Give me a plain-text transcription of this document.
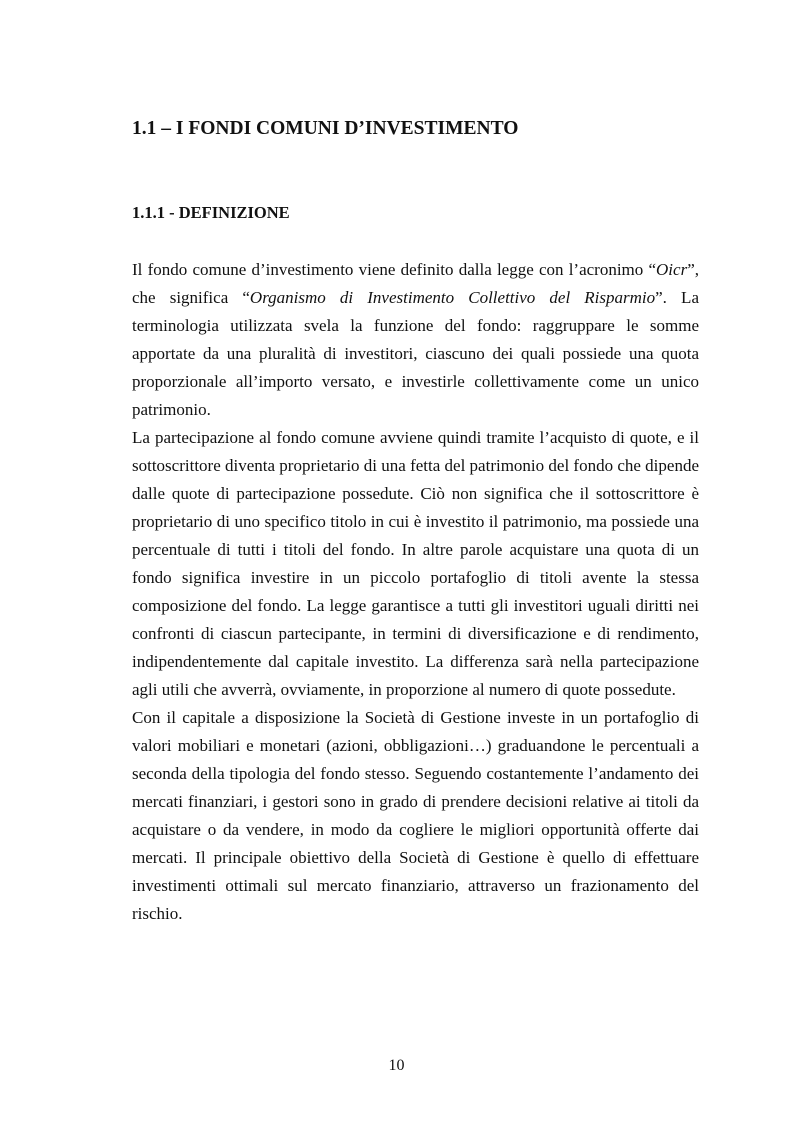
1.1 – I FONDI COMUNI D’INVESTIMENTO
1.1.1 - DEFINIZIONE

Il fondo comune d’investimento viene definito dalla legge con l’acronimo “Oicr”, che significa “Organismo di Investimento Collettivo del Risparmio”. La terminologia utilizzata svela la funzione del fondo: raggruppare le somme apportate da una pluralità di investitori, ciascuno dei quali possiede una quota proporzionale all’importo versato, e investirle collettivamente come un unico patrimonio.

La partecipazione al fondo comune avviene quindi tramite l’acquisto di quote, e il sottoscrittore diventa proprietario di una fetta del patrimonio del fondo che dipende dalle quote di partecipazione possedute. Ciò non significa che il sottoscrittore è proprietario di uno specifico titolo in cui è investito il patrimonio, ma possiede una percentuale di tutti i titoli del fondo. In altre parole acquistare una quota di un fondo significa investire in un piccolo portafoglio di titoli avente la stessa composizione del fondo. La legge garantisce a tutti gli investitori uguali diritti nei confronti di ciascun partecipante, in termini di diversificazione e di rendimento, indipendentemente dal capitale investito. La differenza sarà nella partecipazione agli utili che avverrà, ovviamente, in proporzione al numero di quote possedute.

Con il capitale a disposizione la Società di Gestione investe in un portafoglio di valori mobiliari e monetari (azioni, obbligazioni…) graduandone le percentuali a seconda della tipologia del fondo stesso. Seguendo costantemente l’andamento dei mercati finanziari, i gestori sono in grado di prendere decisioni relative ai titoli da acquistare o da vendere, in modo da cogliere le migliori opportunità offerte dai mercati. Il principale obiettivo della Società di Gestione è quello di effettuare investimenti ottimali sul mercato finanziario, attraverso un frazionamento del rischio.

10
